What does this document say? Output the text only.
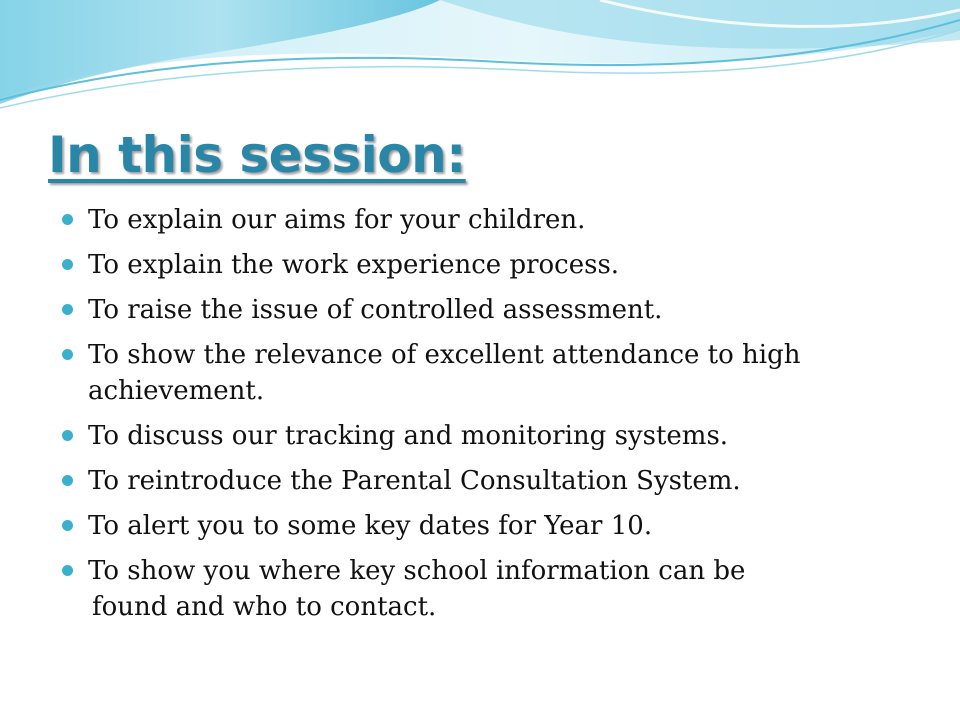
In this session:
To explain our aims for your children.
To explain the work experience process.
To raise the issue of controlled assessment.
To show the relevance of excellent attendance to high achievement.
To discuss our tracking and monitoring systems.
To reintroduce the Parental Consultation System.
To alert you to some key dates for Year 10.
To show you where key school information can be
found and who to contact.
